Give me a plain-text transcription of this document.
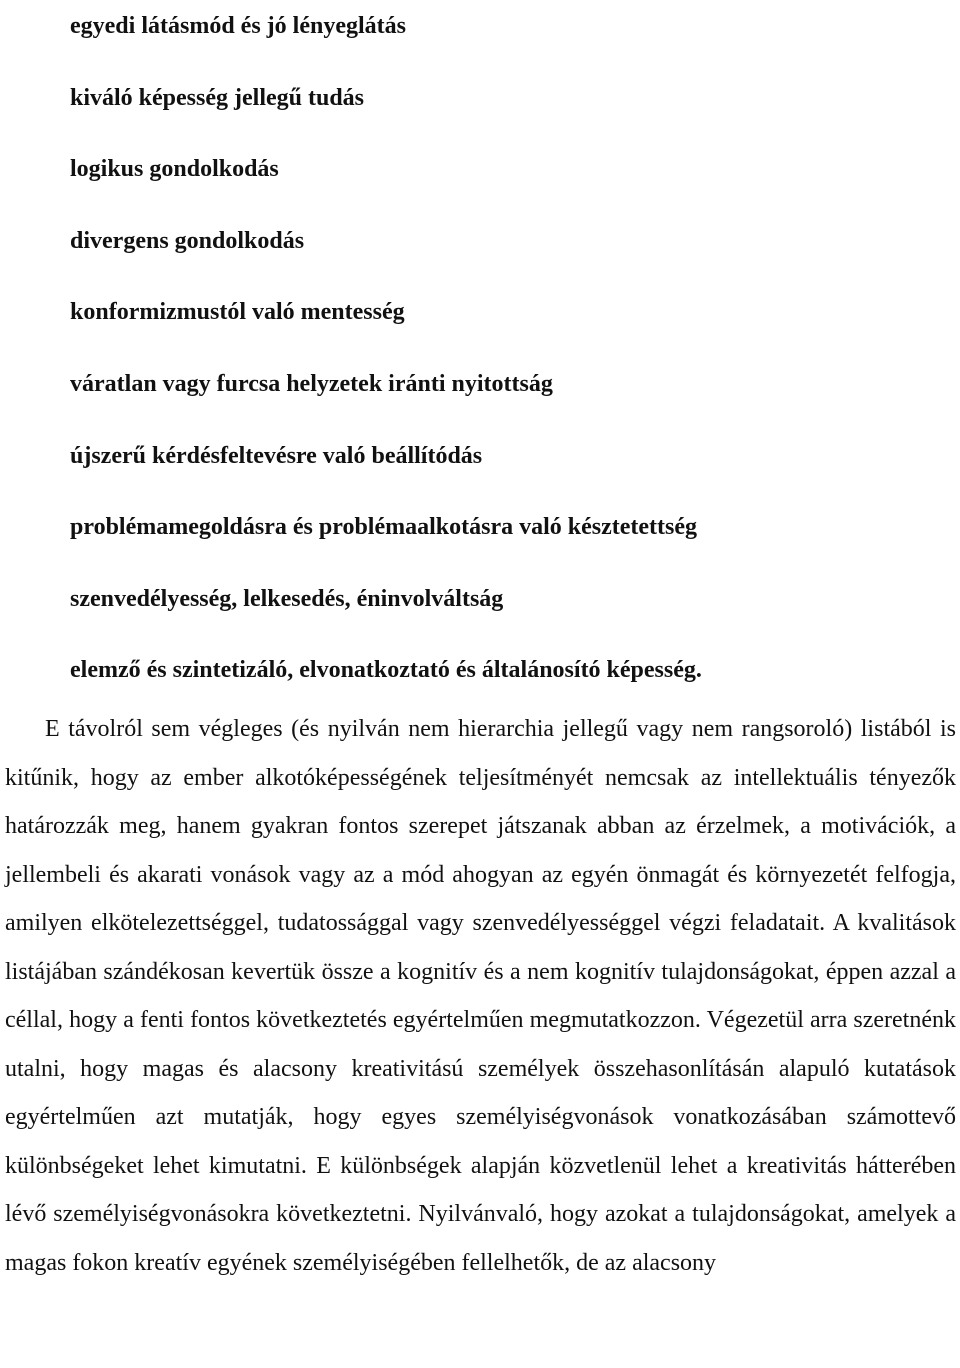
egyedi látásmód és jó lényeglátás
kiváló képesség jellegű tudás
logikus gondolkodás
divergens gondolkodás
konformizmustól való mentesség
váratlan vagy furcsa helyzetek iránti nyitottság
újszerű kérdésfeltevésre való beállítódás
problémamegoldásra és problémaalkotásra való késztetettség
szenvedélyesség, lelkesedés, éninvolváltság
elemző és szintetizáló, elvonatkoztató és általánosító képesség.

E távolról sem végleges (és nyilván nem hierarchia jellegű vagy nem rangsoroló) listából is kitűnik, hogy az ember alkotóképességének teljesítményét nemcsak az intellektuális tényezők határozzák meg, hanem gyakran fontos szerepet játszanak abban az érzelmek, a motivációk, a jellembeli és akarati vonások vagy az a mód ahogyan az egyén önmagát és környezetét felfogja, amilyen elkötelezettséggel, tudatossággal vagy szenvedélyességgel végzi feladatait. A kvalitások listájában szándékosan kevertük össze a kognitív és a nem kognitív tulajdonságokat, éppen azzal a céllal, hogy a fenti fontos következtetés egyértelműen megmutatkozzon. Végezetül arra szeretnénk utalni, hogy magas és alacsony kreativitású személyek összehasonlításán alapuló kutatások egyértelműen azt mutatják, hogy egyes személyiségvonások vonatkozásában számottevő különbségeket lehet kimutatni. E különbségek alapján közvetlenül lehet a kreativitás hátterében lévő személyiségvonásokra következtetni. Nyilvánvaló, hogy azokat a tulajdonságokat, amelyek a magas fokon kreatív egyének személyiségében fellelhetők, de az alacsony
